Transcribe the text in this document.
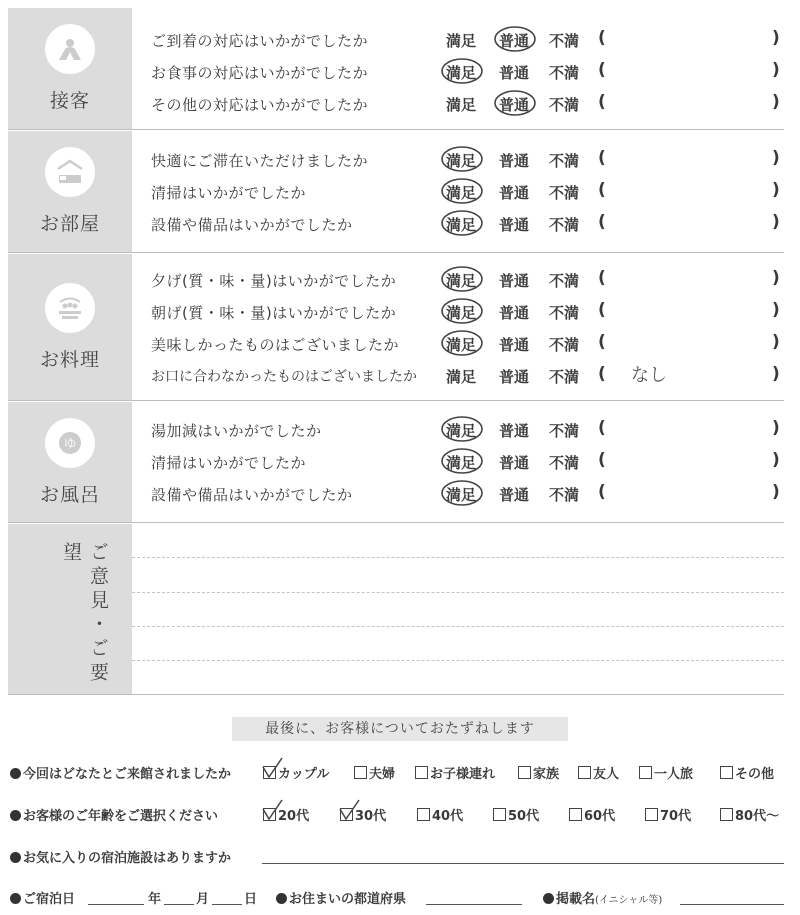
接客
ご到着の対応はいかがでしたか	満足 普通 不満 (	)
お食事の対応はいかがでしたか	満足 普通 不満 (	)
その他の対応はいかがでしたか	満足 普通 不満 (	)
お部屋
快適にご滞在いただけましたか	満足 普通 不満 (	)
清掃はいかがでしたか	満足 普通 不満 (	)
設備や備品はいかがでしたか	満足 普通 不満 (	)
お料理
夕げ(質・味・量)はいかがでしたか	満足 普通 不満 (	)
朝げ(質・味・量)はいかがでしたか	満足 普通 不満 (	)
美味しかったものはございましたか	満足 普通 不満 (	)
お口に合わなかったものはございましたか 満足 普通 不満 ( なし	)
ゆ
お風呂
湯加減はいかがでしたか	満足 普通 不満 (	)
清掃はいかがでしたか	満足 普通 不満 (	)
設備や備品はいかがでしたか	満足 普通 不満 (	)
ご意見・ご要望
最後に、お客様についておたずねします
今回はどなたとご来館されましたか	カップル	夫婦	お子様連れ	家族	友人	一人旅	その他
お客様のご年齢をご選択ください	20代	30代	40代	50代	60代	70代	80代〜
お気に入りの宿泊施設はありますか
ご宿泊日	年	月	日	お住まいの都道府県	掲載名(イニシャル等)
